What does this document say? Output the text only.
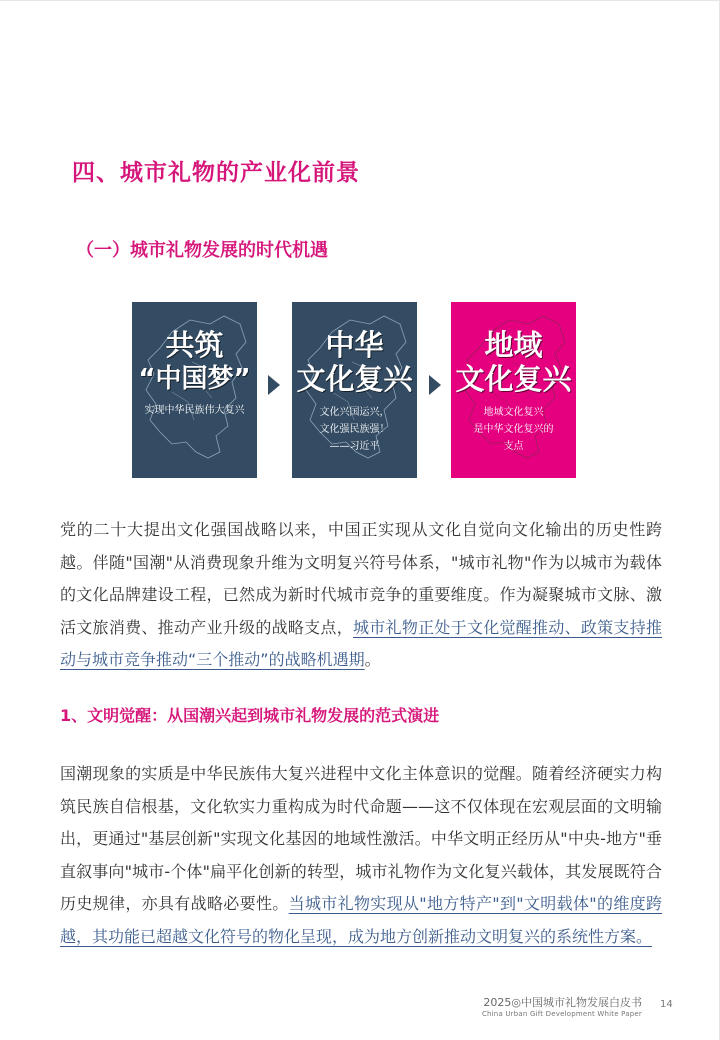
四、城市礼物的产业化前景
（一）城市礼物发展的时代机遇
共筑
“中国梦”
实现中华民族伟大复兴
中华
文化复兴
文化兴国运兴，
文化强民族强！
——习近平
地域
文化复兴
地域文化复兴
是中华文化复兴的
支点
党的二十大提出文化强国战略以来，中国正实现从文化自觉向文化输出的历史性跨越。伴随"国潮"从消费现象升维为文明复兴符号体系，"城市礼物"作为以城市为载体的文化品牌建设工程，已然成为新时代城市竞争的重要维度。作为凝聚城市文脉、激活文旅消费、推动产业升级的战略支点，城市礼物正处于文化觉醒推动、政策支持推动与城市竞争推动“三个推动”的战略机遇期。
1、文明觉醒：从国潮兴起到城市礼物发展的范式演进
国潮现象的实质是中华民族伟大复兴进程中文化主体意识的觉醒。随着经济硬实力构筑民族自信根基，文化软实力重构成为时代命题——这不仅体现在宏观层面的文明输出，更通过"基层创新"实现文化基因的地域性激活。中华文明正经历从"中央-地方"垂直叙事向"城市-个体"扁平化创新的转型，城市礼物作为文化复兴载体，其发展既符合历史规律，亦具有战略必要性。当城市礼物实现从"地方特产"到"文明载体"的维度跨越，其功能已超越文化符号的物化呈现，成为地方创新推动文明复兴的系统性方案。
2025◎中国城市礼物发展白皮书
China Urban Gift Development White Paper
14
